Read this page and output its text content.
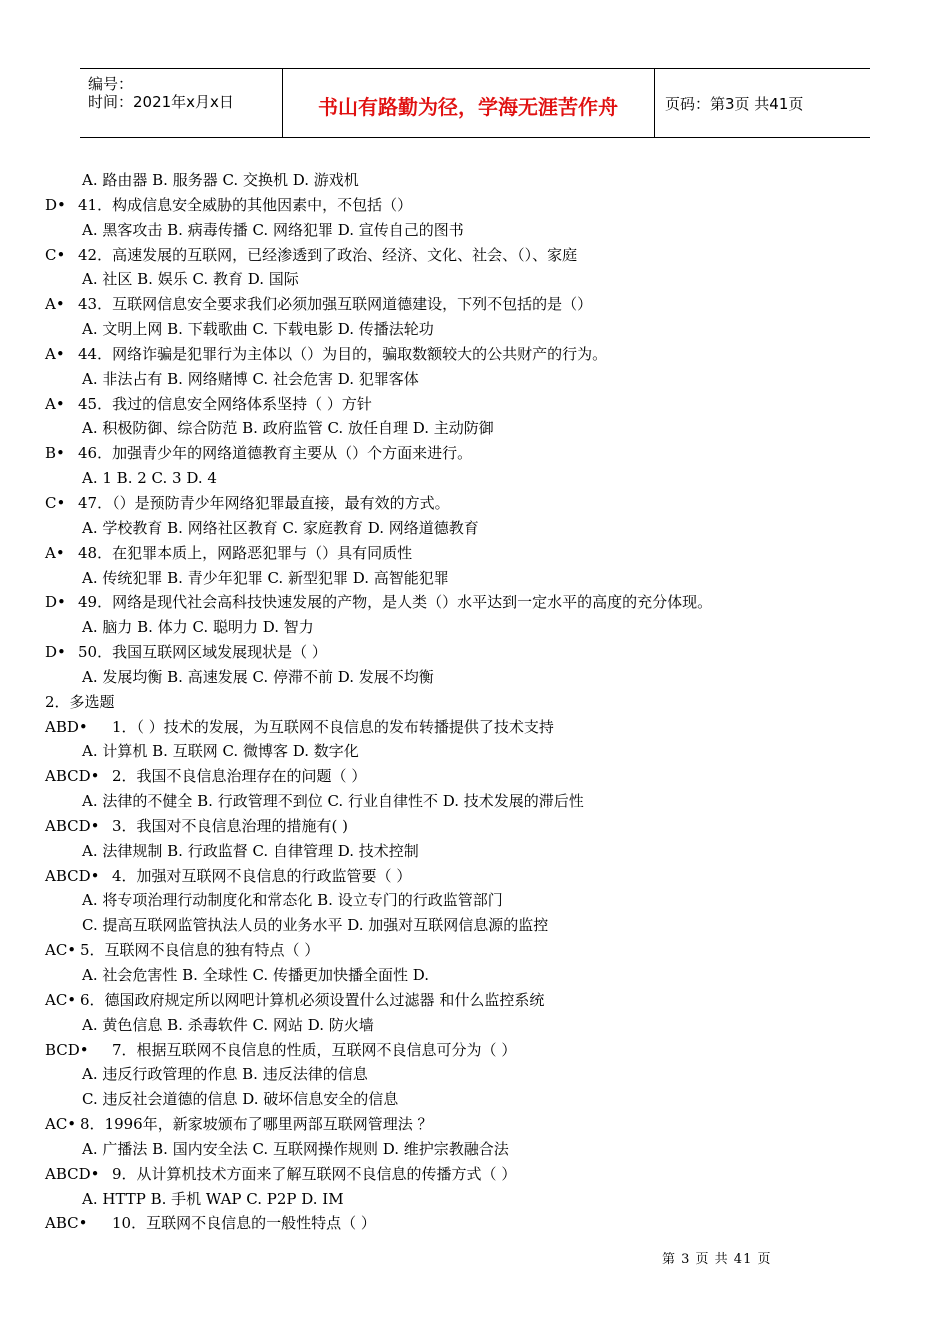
编号：
时间：2021年x月x日	书山有路勤为径，学海无涯苦作舟	页码：第3页 共41页
A. 路由器 B. 服务器 C. 交换机 D. 游戏机
D• 41．构成信息安全威胁的其他因素中，不包括（）
A. 黑客攻击 B. 病毒传播 C. 网络犯罪 D. 宣传自己的图书
C• 42．高速发展的互联网，已经渗透到了政治、经济、文化、社会、（）、家庭
A. 社区 B. 娱乐 C. 教育 D. 国际
A• 43．互联网信息安全要求我们必须加强互联网道德建设，下列不包括的是（）
A. 文明上网 B. 下载歌曲 C. 下载电影 D. 传播法轮功
A• 44．网络诈骗是犯罪行为主体以（）为目的，骗取数额较大的公共财产的行为。
A. 非法占有 B. 网络赌博 C. 社会危害 D. 犯罪客体
A• 45．我过的信息安全网络体系坚持（ ）方针
A. 积极防御、综合防范 B. 政府监管 C. 放任自理 D. 主动防御
B• 46．加强青少年的网络道德教育主要从（）个方面来进行。
A. 1 B. 2 C. 3 D. 4
C• 47．（）是预防青少年网络犯罪最直接，最有效的方式。
A. 学校教育 B. 网络社区教育 C. 家庭教育 D. 网络道德教育
A• 48．在犯罪本质上，网路恶犯罪与（）具有同质性
A. 传统犯罪 B. 青少年犯罪 C. 新型犯罪 D. 高智能犯罪
D• 49．网络是现代社会高科技快速发展的产物，是人类（）水平达到一定水平的高度的充分体现。
A. 脑力 B. 体力 C. 聪明力 D. 智力
D• 50．我国互联网区域发展现状是（ ）
A. 发展均衡 B. 高速发展 C. 停滞不前 D. 发展不均衡
2．多选题
ABD• 1．（ ）技术的发展，为互联网不良信息的发布转播提供了技术支持
A. 计算机 B. 互联网 C. 微博客 D. 数字化
ABCD• 2．我国不良信息治理存在的问题（ ）
A. 法律的不健全 B. 行政管理不到位 C. 行业自律性不 D. 技术发展的滞后性
ABCD• 3．我国对不良信息治理的措施有( )
A. 法律规制 B. 行政监督 C. 自律管理 D. 技术控制
ABCD• 4．加强对互联网不良信息的行政监管要（ ）
A. 将专项治理行动制度化和常态化 B. 设立专门的行政监管部门
C. 提高互联网监管执法人员的业务水平 D. 加强对互联网信息源的监控
AC• 5．互联网不良信息的独有特点（ ）
A. 社会危害性 B. 全球性 C. 传播更加快播全面性 D.
AC• 6．德国政府规定所以网吧计算机必须设置什么过滤器 和什么监控系统
A. 黄色信息 B. 杀毒软件 C. 网站 D. 防火墙
BCD• 7．根据互联网不良信息的性质，互联网不良信息可分为（ ）
A. 违反行政管理的作息 B. 违反法律的信息
C. 违反社会道德的信息 D. 破坏信息安全的信息
AC• 8．1996年，新家坡颁布了哪里两部互联网管理法 ？
A. 广播法 B. 国内安全法 C. 互联网操作规则 D. 维护宗教融合法
ABCD• 9．从计算机技术方面来了解互联网不良信息的传播方式（ ）
A. HTTP B. 手机 WAP C. P2P D. IM
ABC• 10．互联网不良信息的一般性特点（ ）
第 3 页 共 41 页
